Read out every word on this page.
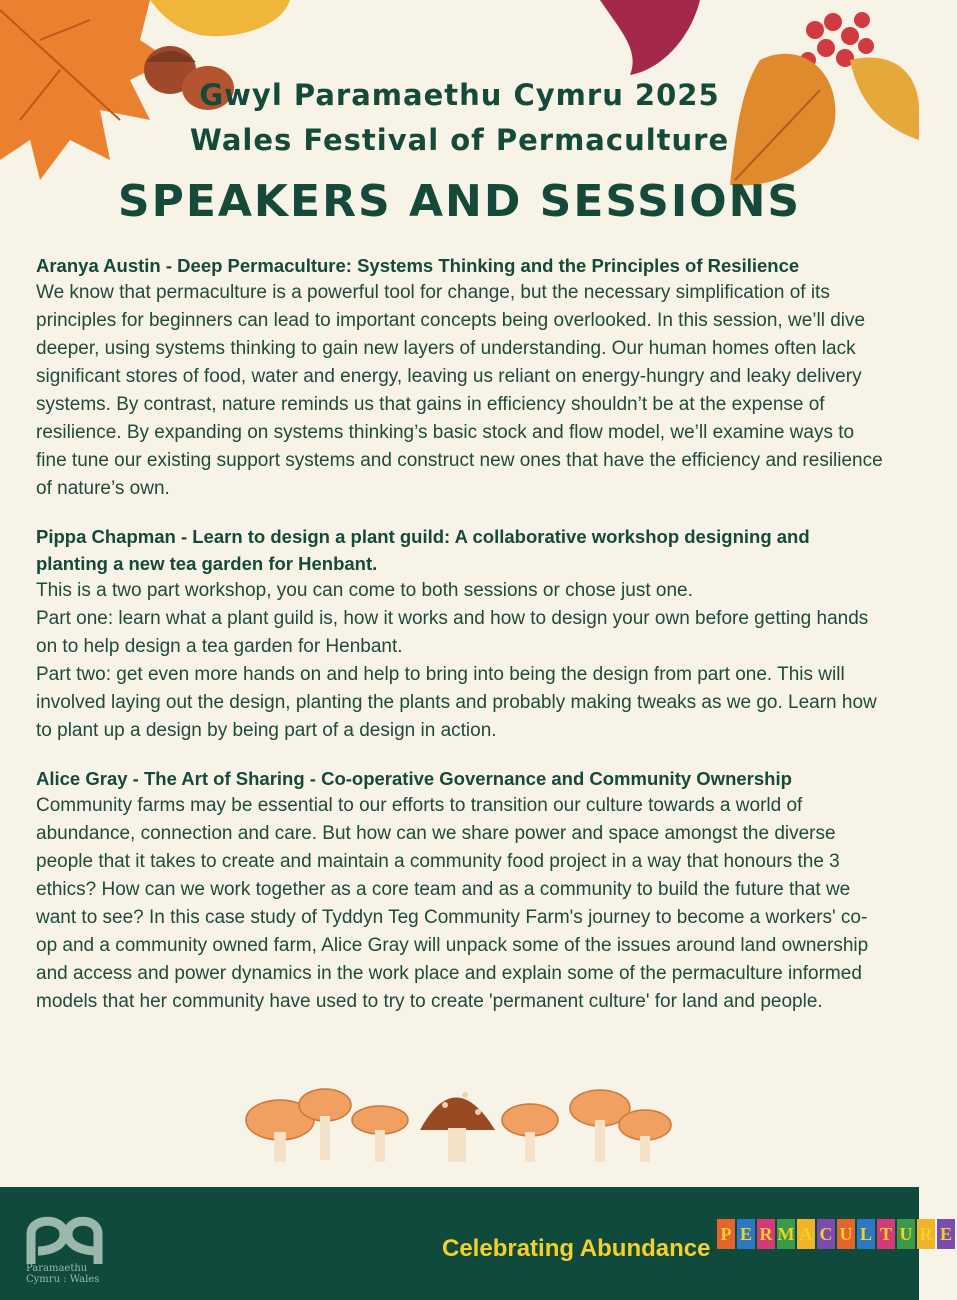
Gwyl Paramaethu Cymru 2025
Wales Festival of Permaculture
SPEAKERS AND SESSIONS

Aranya Austin - Deep Permaculture: Systems Thinking and the Principles of Resilience

We know that permaculture is a powerful tool for change, but the necessary simplification of its principles for beginners can lead to important concepts being overlooked. In this session, we’ll dive deeper, using systems thinking to gain new layers of understanding. Our human homes often lack significant stores of food, water and energy, leaving us reliant on energy-hungry and leaky delivery systems. By contrast, nature reminds us that gains in efficiency shouldn’t be at the expense of resilience. By expanding on systems thinking’s basic stock and flow model, we’ll examine ways to fine tune our existing support systems and construct new ones that have the efficiency and resilience of nature’s own.

Pippa Chapman - Learn to design a plant guild: A collaborative workshop designing and planting a new tea garden for Henbant.

This is a two part workshop, you can come to both sessions or chose just one.

Part one: learn what a plant guild is, how it works and how to design your own before getting hands on to help design a tea garden for Henbant.

Part two: get even more hands on and help to bring into being the design from part one. This will involved laying out the design, planting the plants and probably making tweaks as we go. Learn how to plant up a design by being part of a design in action.

Alice Gray - The Art of Sharing - Co-operative Governance and Community Ownership

Community farms may be essential to our efforts to transition our culture towards a world of abundance, connection and care. But how can we share power and space amongst the diverse people that it takes to create and maintain a community food project in a way that honours the 3 ethics? How can we work together as a core team and as a community to build the future that we want to see? In this case study of Tyddyn Teg Community Farm's journey to become a workers' co-op and a community owned farm, Alice Gray will unpack some of the issues around land ownership and access and power dynamics in the work place and explain some of the permaculture informed models that her community have used to try to create 'permanent culture' for land and people.

Paramaethu
Cymru : Wales
Celebrating Abundance
P E R M A C U L T U R E
